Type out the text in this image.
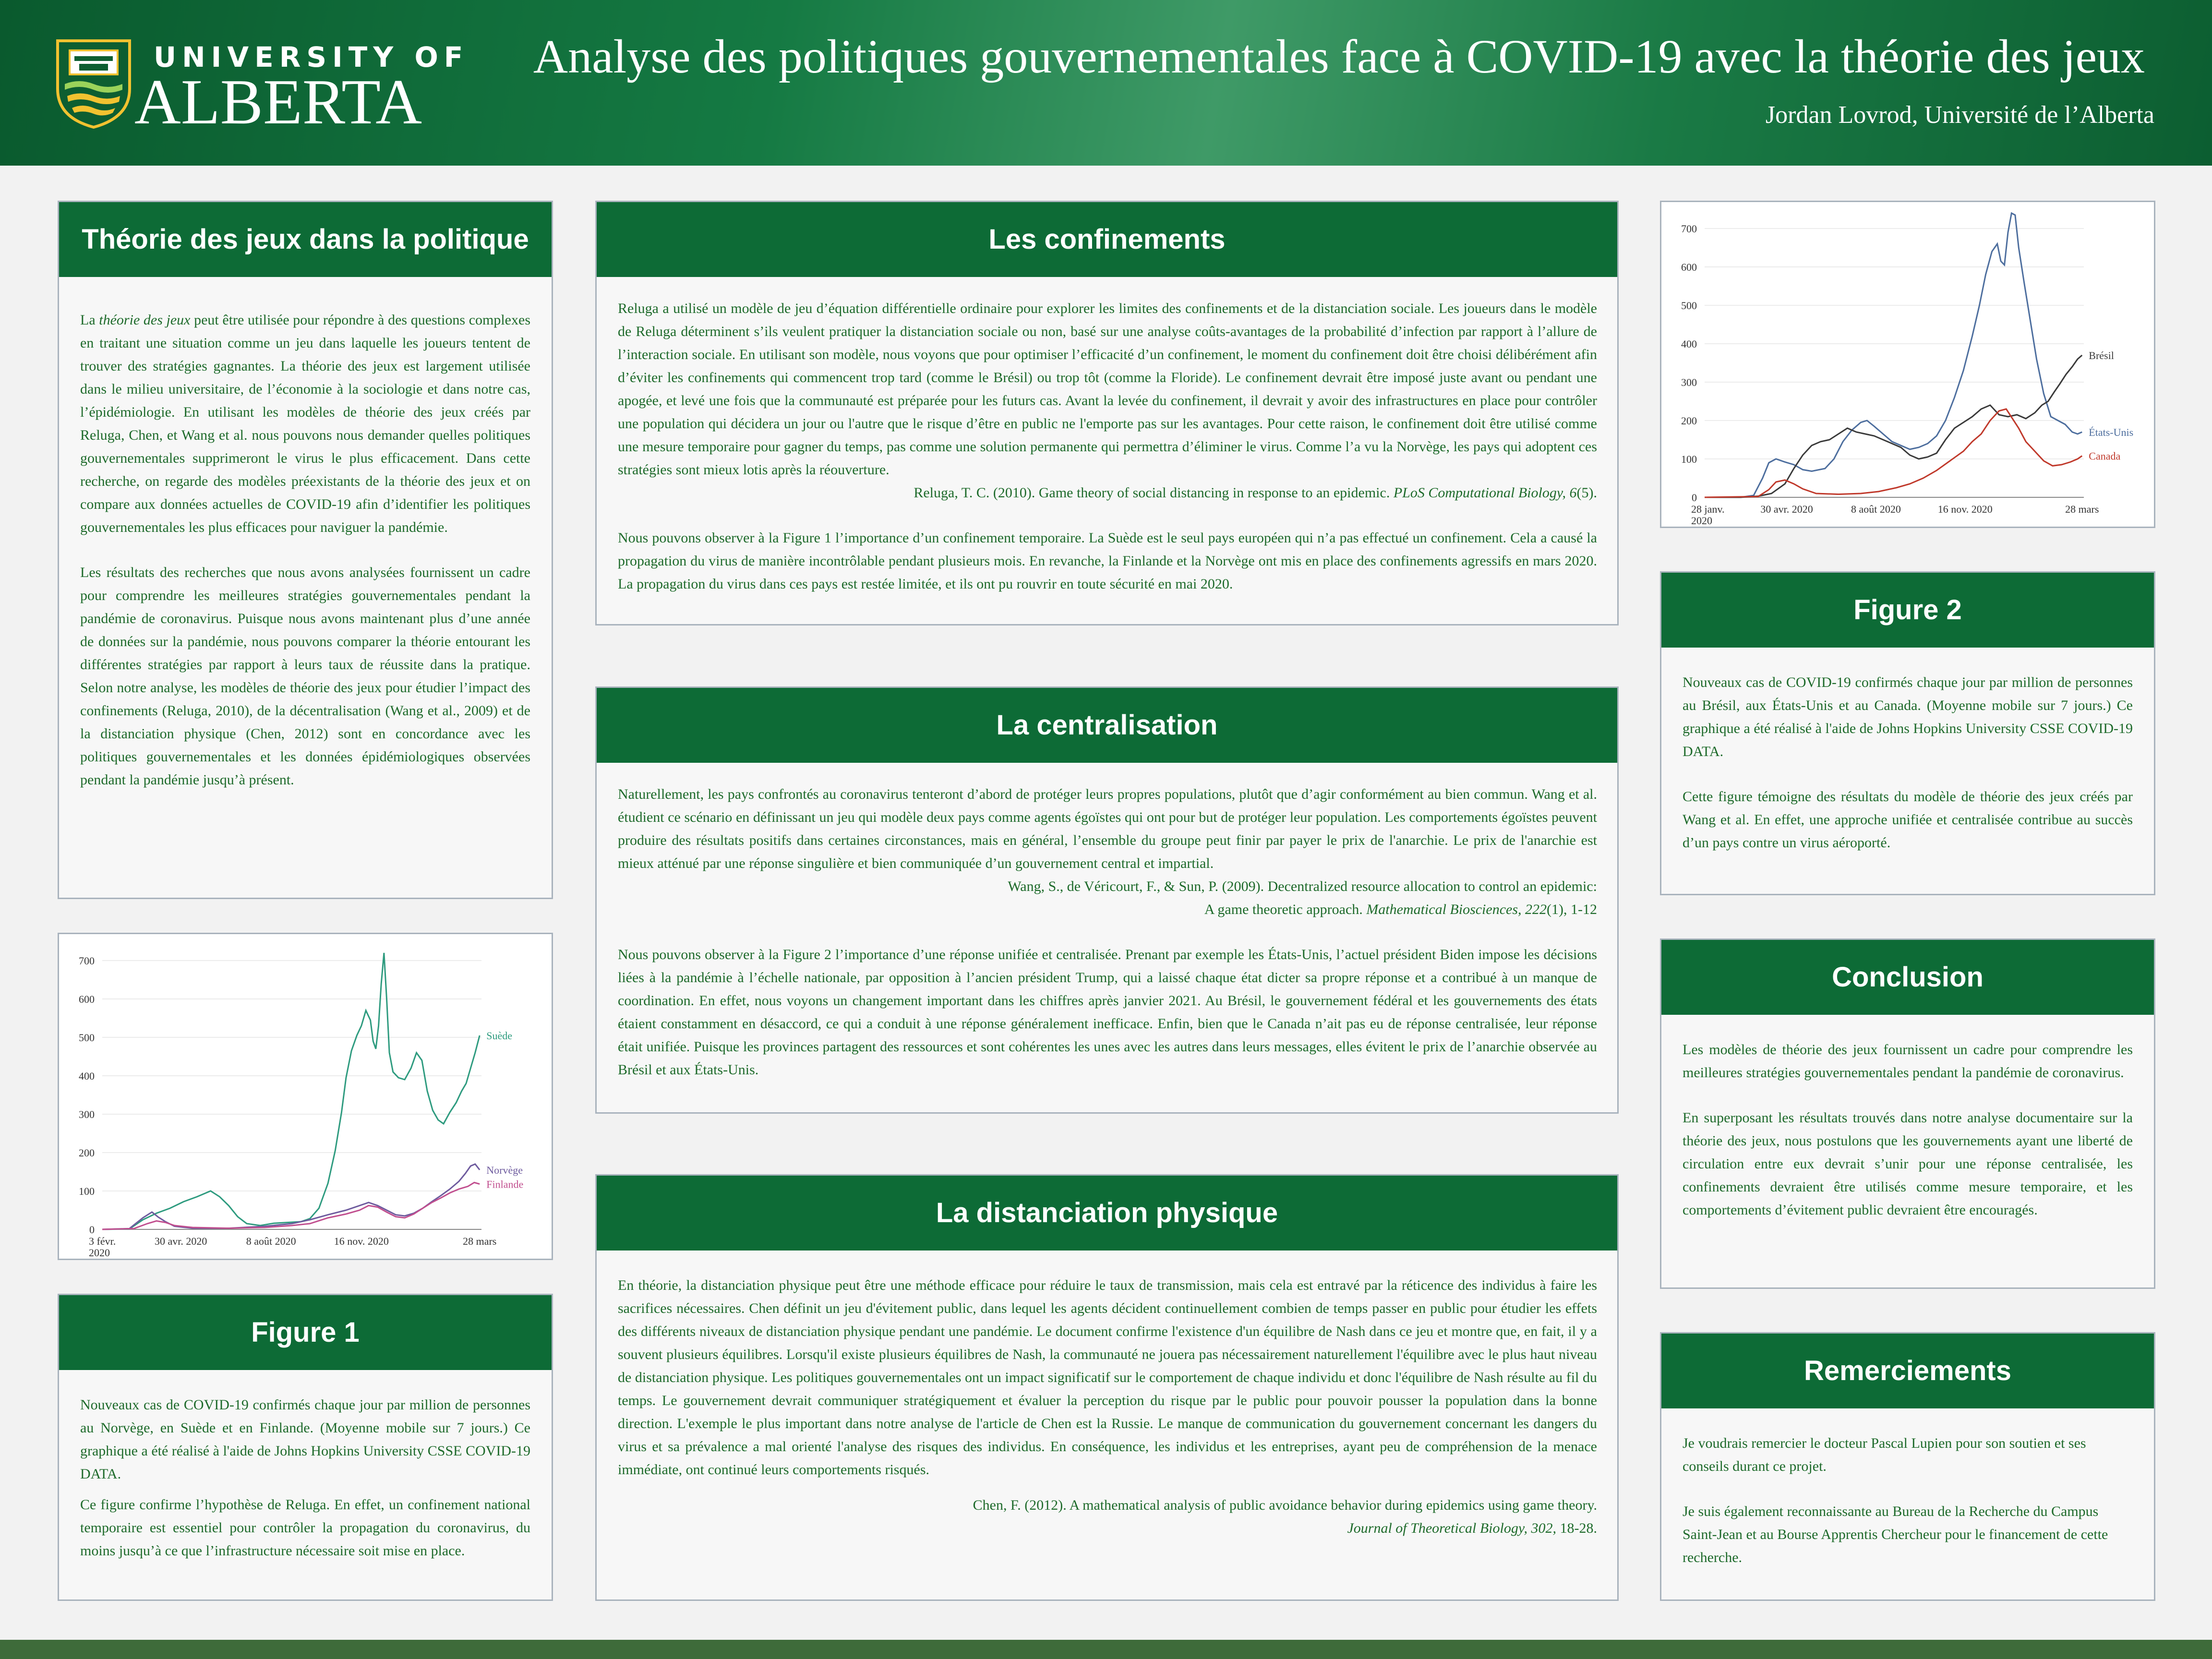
UNIVERSITY OF
ALBERTA
Analyse des politiques gouvernementales face à COVID-19 avec la théorie des jeux
Jordan Lovrod, Université de l’Alberta
Théorie des jeux dans la politique

La théorie des jeux peut être utilisée pour répondre à des questions complexes en traitant une situation comme un jeu dans laquelle les joueurs tentent de trouver des stratégies gagnantes. La théorie des jeux est largement utilisée dans le milieu universitaire, de l’économie à la sociologie et dans notre cas, l’épidémiologie. En utilisant les modèles de théorie des jeux créés par Reluga, Chen, et Wang et al. nous pouvons nous demander quelles politiques gouvernementales supprimeront le virus le plus efficacement. Dans cette recherche, on regarde des modèles préexistants de la théorie des jeux et on compare aux données actuelles de COVID-19 afin d’identifier les politiques gouvernementales les plus efficaces pour naviguer la pandémie.

Les résultats des recherches que nous avons analysées fournissent un cadre pour comprendre les meilleures stratégies gouvernementales pendant la pandémie de coronavirus. Puisque nous avons maintenant plus d’une année de données sur la pandémie, nous pouvons comparer la théorie entourant les différentes stratégies par rapport à leurs taux de réussite dans la pratique. Selon notre analyse, les modèles de théorie des jeux pour étudier l’impact des confinements (Reluga, 2010), de la décentralisation (Wang et al., 2009) et de la distanciation physique (Chen, 2012) sont en concordance avec les politiques gouvernementales et les données épidémiologiques observées pendant la pandémie jusqu’à présent.

0
100
200
300
400
500
600
700
3 févr.
2020
30 avr. 2020	8 août 2020	16 nov. 2020	28 mars
Suède
Norvège
Finlande
Figure 1

Nouveaux cas de COVID-19 confirmés chaque jour par million de personnes au Norvège, en Suède et en Finlande. (Moyenne mobile sur 7 jours.) Ce graphique a été réalisé à l'aide de Johns Hopkins University CSSE COVID-19 DATA.

Ce figure confirme l’hypothèse de Reluga. En effet, un confinement national temporaire est essentiel pour contrôler la propagation du coronavirus, du moins jusqu’à ce que l’infrastructure nécessaire soit mise en place.

Les confinements

Reluga a utilisé un modèle de jeu d’équation différentielle ordinaire pour explorer les limites des confinements et de la distanciation sociale. Les joueurs dans le modèle de Reluga déterminent s’ils veulent pratiquer la distanciation sociale ou non, basé sur une analyse coûts-avantages de la probabilité d’infection par rapport à l’allure de l’interaction sociale. En utilisant son modèle, nous voyons que pour optimiser l’efficacité d’un confinement, le moment du confinement doit être choisi délibérément afin d’éviter les confinements qui commencent trop tard (comme le Brésil) ou trop tôt (comme la Floride). Le confinement devrait être imposé juste avant ou pendant une apogée, et levé une fois que la communauté est préparée pour les futurs cas. Avant la levée du confinement, il devrait y avoir des infrastructures en place pour contrôler une population qui décidera un jour ou l'autre que le risque d’être en public ne l'emporte pas sur les avantages. Pour cette raison, le confinement doit être utilisé comme une mesure temporaire pour gagner du temps, pas comme une solution permanente qui permettra d’éliminer le virus. Comme l’a vu la Norvège, les pays qui adoptent ces stratégies sont mieux lotis après la réouverture.

Reluga, T. C. (2010). Game theory of social distancing in response to an epidemic. PLoS Computational Biology, 6(5).

Nous pouvons observer à la Figure 1 l’importance d’un confinement temporaire. La Suède est le seul pays européen qui n’a pas effectué un confinement. Cela a causé la propagation du virus de manière incontrôlable pendant plusieurs mois. En revanche, la Finlande et la Norvège ont mis en place des confinements agressifs en mars 2020. La propagation du virus dans ces pays est restée limitée, et ils ont pu rouvrir en toute sécurité en mai 2020.

La centralisation

Naturellement, les pays confrontés au coronavirus tenteront d’abord de protéger leurs propres populations, plutôt que d’agir conformément au bien commun. Wang et al. étudient ce scénario en définissant un jeu qui modèle deux pays comme agents égoïstes qui ont pour but de protéger leur population. Les comportements égoïstes peuvent produire des résultats positifs dans certaines circonstances, mais en général, l’ensemble du groupe peut finir par payer le prix de l'anarchie. Le prix de l'anarchie est mieux atténué par une réponse singulière et bien communiquée d’un gouvernement central et impartial.

Wang, S., de Véricourt, F., & Sun, P. (2009). Decentralized resource allocation to control an epidemic:
A game theoretic approach. Mathematical Biosciences, 222(1), 1-12

Nous pouvons observer à la Figure 2 l’importance d’une réponse unifiée et centralisée. Prenant par exemple les États-Unis, l’actuel président Biden impose les décisions liées à la pandémie à l’échelle nationale, par opposition à l’ancien président Trump, qui a laissé chaque état dicter sa propre réponse et a contribué à un manque de coordination. En effet, nous voyons un changement important dans les chiffres après janvier 2021. Au Brésil, le gouvernement fédéral et les gouvernements des états étaient constamment en désaccord, ce qui a conduit à une réponse généralement inefficace. Enfin, bien que le Canada n’ait pas eu de réponse centralisée, leur réponse était unifiée. Puisque les provinces partagent des ressources et sont cohérentes les unes avec les autres dans leurs messages, elles évitent le prix de l’anarchie observée au Brésil et aux États-Unis.

La distanciation physique

En théorie, la distanciation physique peut être une méthode efficace pour réduire le taux de transmission, mais cela est entravé par la réticence des individus à faire les sacrifices nécessaires. Chen définit un jeu d'évitement public, dans lequel les agents décident continuellement combien de temps passer en public pour étudier les effets des différents niveaux de distanciation physique pendant une pandémie. Le document confirme l'existence d'un équilibre de Nash dans ce jeu et montre que, en fait, il y a souvent plusieurs équilibres. Lorsqu'il existe plusieurs équilibres de Nash, la communauté ne jouera pas nécessairement naturellement l'équilibre avec le plus haut niveau de distanciation physique. Les politiques gouvernementales ont un impact significatif sur le comportement de chaque individu et donc l'équilibre de Nash résulte au fil du temps. Le gouvernement devrait communiquer stratégiquement et évaluer la perception du risque par le public pour pouvoir pousser la population dans la bonne direction. L'exemple le plus important dans notre analyse de l'article de Chen est la Russie. Le manque de communication du gouvernement concernant les dangers du virus et sa prévalence a mal orienté l'analyse des risques des individus. En conséquence, les individus et les entreprises, ayant peu de compréhension de la menace immédiate, ont continué leurs comportements risqués.

Chen, F. (2012). A mathematical analysis of public avoidance behavior during epidemics using game theory.
Journal of Theoretical Biology, 302, 18-28.
0
100
200
300
400
500
600
700
28 janv.
2020
30 avr. 2020	8 août 2020	16 nov. 2020	28 mars
États-Unis
Brésil
Canada
Figure 2

Nouveaux cas de COVID-19 confirmés chaque jour par million de personnes au Brésil, aux États-Unis et au Canada. (Moyenne mobile sur 7 jours.) Ce graphique a été réalisé à l'aide de Johns Hopkins University CSSE COVID-19 DATA.

Cette figure témoigne des résultats du modèle de théorie des jeux créés par Wang et al. En effet, une approche unifiée et centralisée contribue au succès d’un pays contre un virus aéroporté.

Conclusion

Les modèles de théorie des jeux fournissent un cadre pour comprendre les meilleures stratégies gouvernementales pendant la pandémie de coronavirus.

En superposant les résultats trouvés dans notre analyse documentaire sur la théorie des jeux, nous postulons que les gouvernements ayant une liberté de circulation entre eux devrait s’unir pour une réponse centralisée, les confinements devraient être utilisés comme mesure temporaire, et les comportements d’évitement public devraient être encouragés.

Remerciements

Je voudrais remercier le docteur Pascal Lupien pour son soutien et ses conseils durant ce projet.

Je suis également reconnaissante au Bureau de la Recherche du Campus Saint-Jean et au Bourse Apprentis Chercheur pour le financement de cette recherche.
